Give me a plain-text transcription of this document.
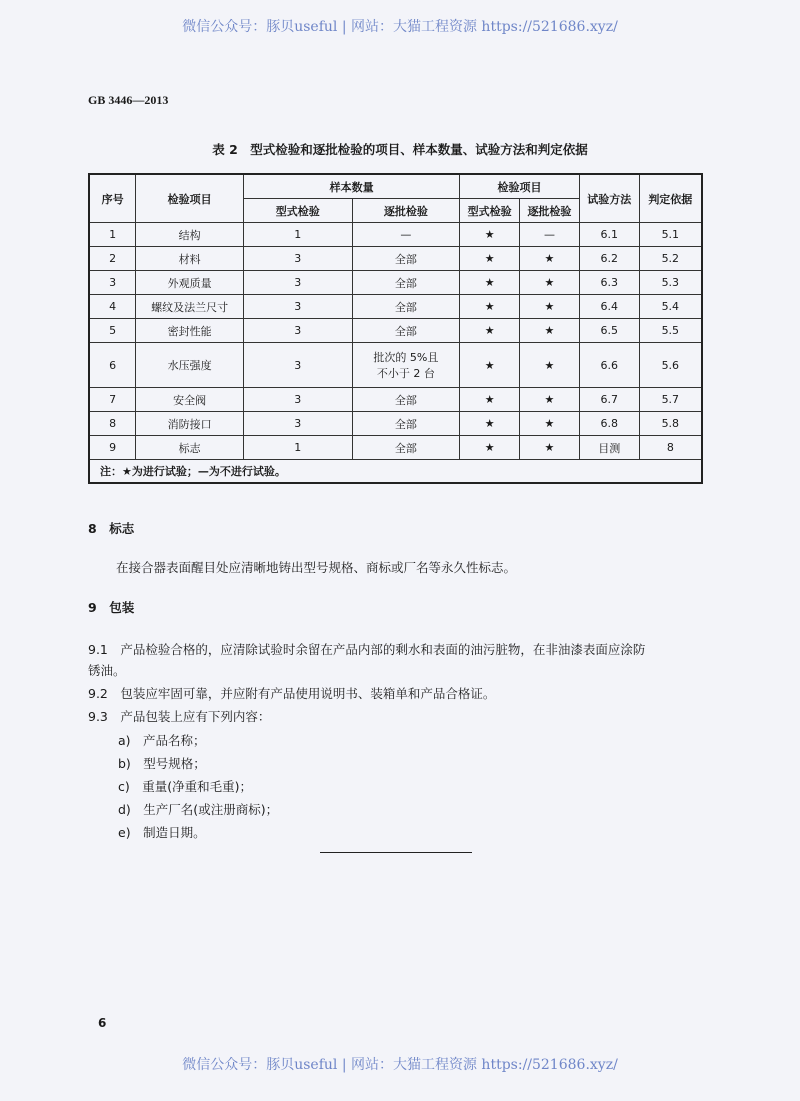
微信公众号：豚贝useful | 网站：大猫工程资源 https://521686.xyz/
GB 3446—2013
表 2　型式检验和逐批检验的项目、样本数量、试验方法和判定依据
序号	检验项目	样本数量		检验项目		试验方法	判定依据
		型式检验	逐批检验	型式检验	逐批检验		
1	结构	1	—	★	—	6.1	5.1
2	材料	3	全部	★	★	6.2	5.2
3	外观质量	3	全部	★	★	6.3	5.3
4	螺纹及法兰尺寸	3	全部	★	★	6.4	5.4
5	密封性能	3	全部	★	★	6.5	5.5
6	水压强度	3	批次的 5%且不小于 2 台	★	★	6.6	5.6
7	安全阀	3	全部	★	★	6.7	5.7
8	消防接口	3	全部	★	★	6.8	5.8
9	标志	1	全部	★	★	目测	8
注：★为进行试验；—为不进行试验。							
8　标志
在接合器表面醒目处应清晰地铸出型号规格、商标或厂名等永久性标志。
9　包装
9.1　产品检验合格的，应清除试验时余留在产品内部的剩水和表面的油污脏物，在非油漆表面应涂防
锈油。
9.2　包装应牢固可靠，并应附有产品使用说明书、装箱单和产品合格证。
9.3　产品包装上应有下列内容：
a)　产品名称；
b)　型号规格；
c)　重量(净重和毛重)；
d)　生产厂名(或注册商标)；
e)　制造日期。
6
微信公众号：豚贝useful | 网站：大猫工程资源 https://521686.xyz/
